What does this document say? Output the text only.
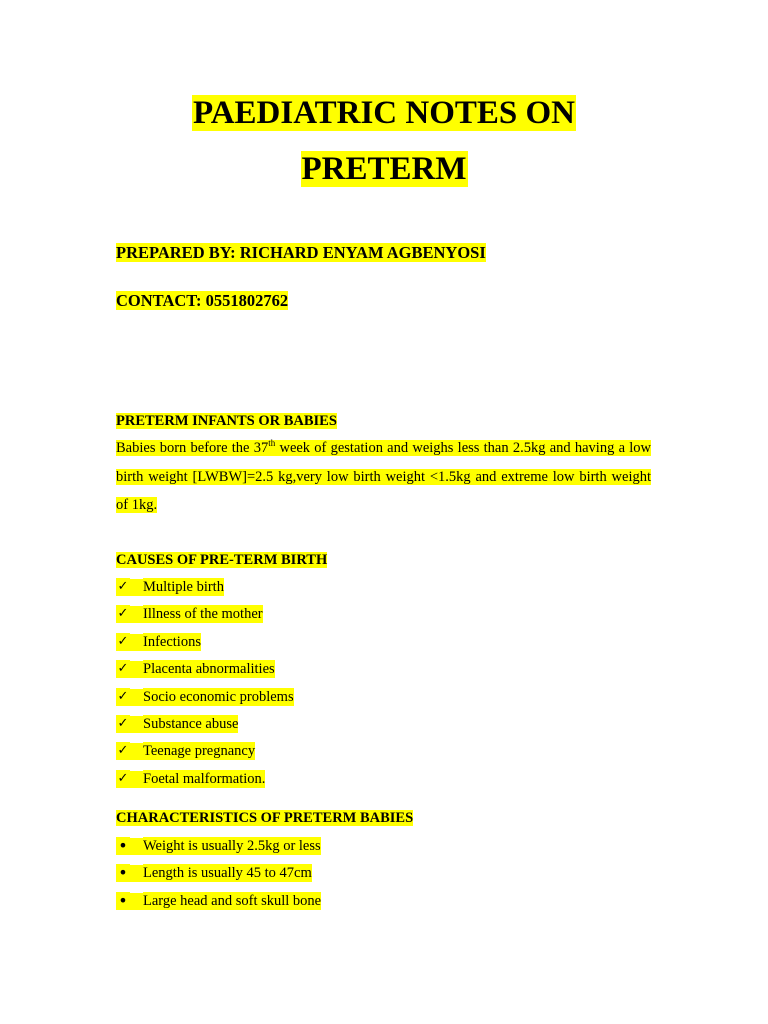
PAEDIATRIC NOTES ON
PRETERM
PREPARED BY: RICHARD ENYAM AGBENYOSI
CONTACT: 0551802762
PRETERM INFANTS OR BABIES
Babies born before the 37th week of gestation and weighs less than 2.5kg and having a low birth weight [LWBW]=2.5 kg,very low birth weight <1.5kg and extreme low birth weight of 1kg.
CAUSES OF PRE-TERM BIRTH
✓ Multiple birth
✓ Illness of the mother
✓ Infections
✓ Placenta abnormalities
✓ Socio economic problems
✓ Substance abuse
✓ Teenage pregnancy
✓ Foetal malformation.
CHARACTERISTICS OF PRETERM BABIES
• Weight is usually 2.5kg or less
• Length is usually 45 to 47cm
• Large head and soft skull bone
